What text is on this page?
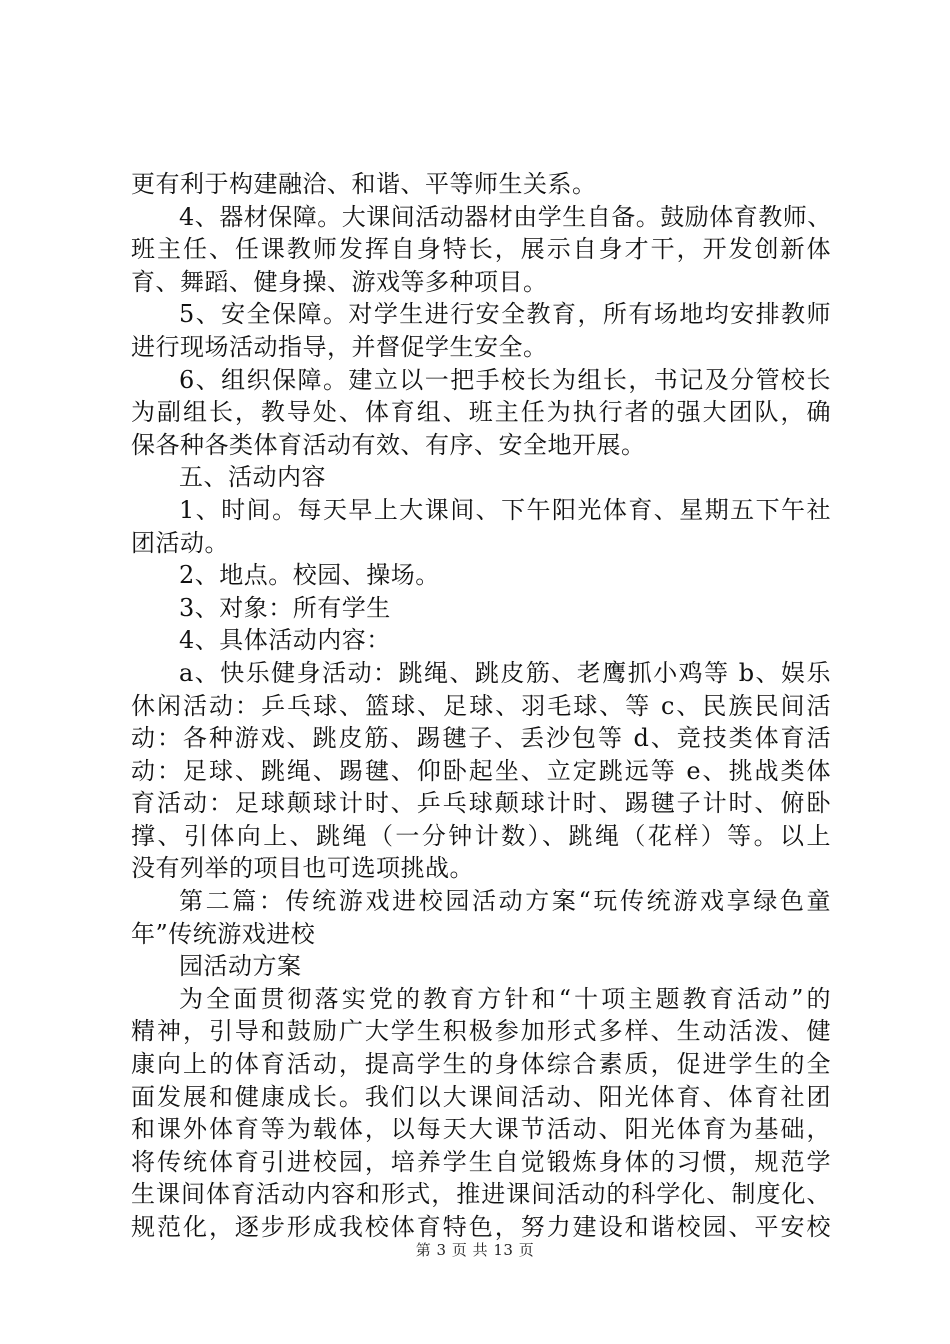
更有利于构建融洽、和谐、平等师生关系。
4、器材保障。大课间活动器材由学生自备。鼓励体育教师、
班主任、任课教师发挥自身特长，展示自身才干，开发创新体
育、舞蹈、健身操、游戏等多种项目。
5、安全保障。对学生进行安全教育，所有场地均安排教师
进行现场活动指导，并督促学生安全。
6、组织保障。建立以一把手校长为组长，书记及分管校长
为副组长，教导处、体育组、班主任为执行者的强大团队，确
保各种各类体育活动有效、有序、安全地开展。
五、活动内容
1、时间。每天早上大课间、下午阳光体育、星期五下午社
团活动。
2、地点。校园、操场。
3、对象：所有学生
4、具体活动内容：
a、快乐健身活动：跳绳、跳皮筋、老鹰抓小鸡等 b、娱乐
休闲活动：乒乓球、篮球、足球、羽毛球、等 c、民族民间活
动：各种游戏、跳皮筋、踢毽子、丢沙包等 d、竞技类体育活
动：足球、跳绳、踢毽、仰卧起坐、立定跳远等 e、挑战类体
育活动：足球颠球计时、乒乓球颠球计时、踢毽子计时、俯卧
撑、引体向上、跳绳（一分钟计数）、跳绳（花样）等。以上
没有列举的项目也可选项挑战。
第二篇：传统游戏进校园活动方案“玩传统游戏享绿色童
年”传统游戏进校
园活动方案
为全面贯彻落实党的教育方针和“十项主题教育活动”的
精神，引导和鼓励广大学生积极参加形式多样、生动活泼、健
康向上的体育活动，提高学生的身体综合素质，促进学生的全
面发展和健康成长。我们以大课间活动、阳光体育、体育社团
和课外体育等为载体，以每天大课节活动、阳光体育为基础，
将传统体育引进校园，培养学生自觉锻炼身体的习惯，规范学
生课间体育活动内容和形式，推进课间活动的科学化、制度化、
规范化，逐步形成我校体育特色，努力建设和谐校园、平安校
第 3 页 共 13 页
